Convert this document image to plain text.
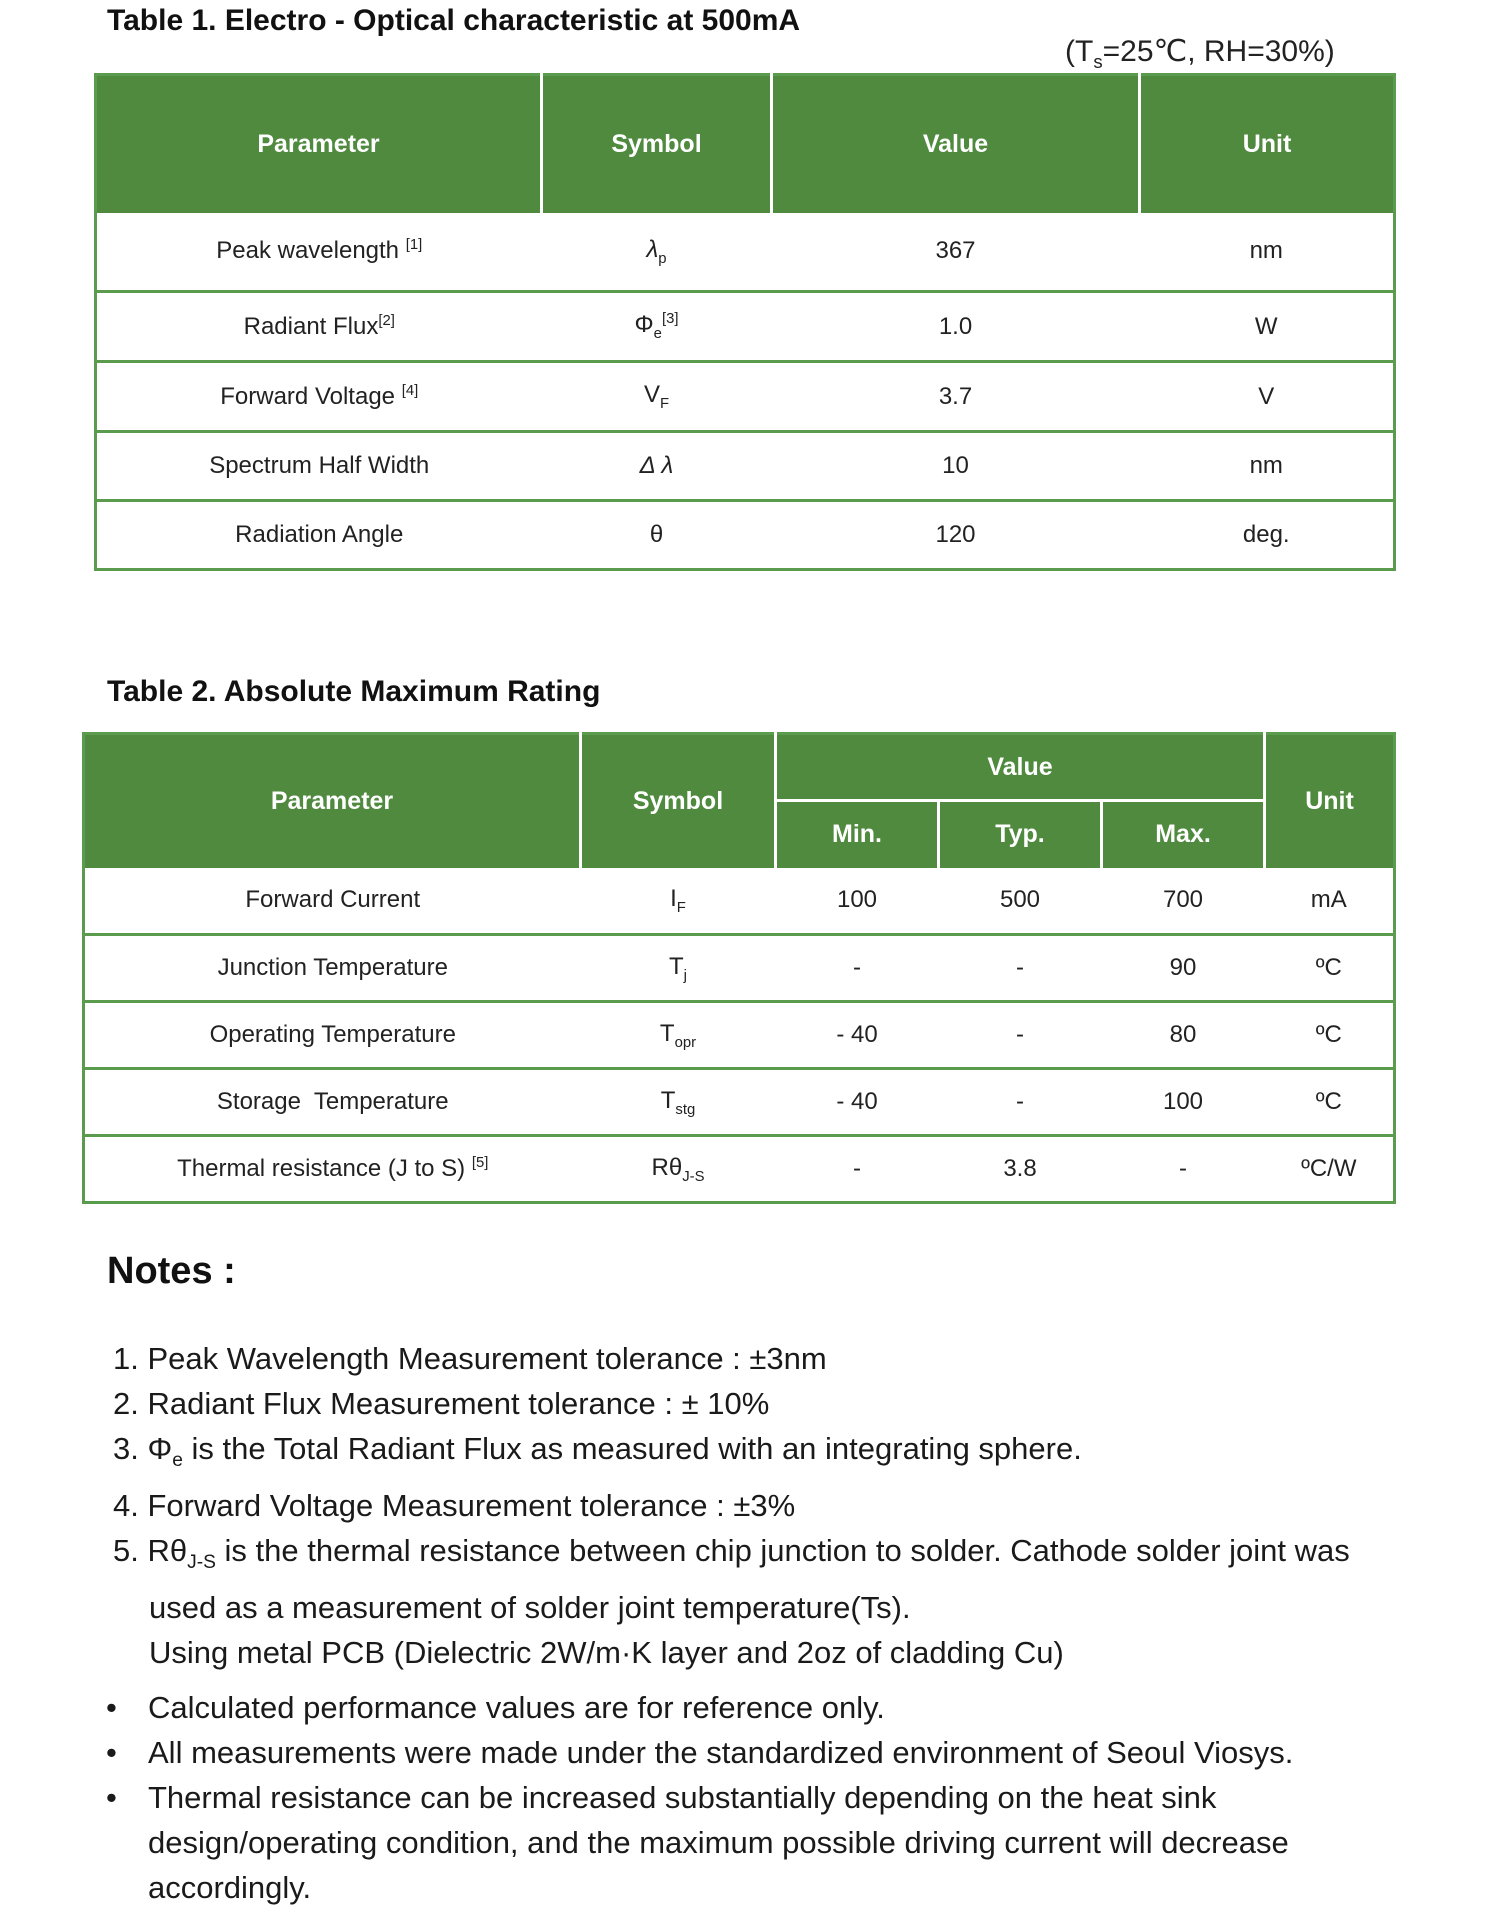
Table 1. Electro - Optical characteristic at 500mA
($T_s=25℃$, RH=30%)
Parameter	Symbol	Value	Unit
Peak wavelength [1]	$\lambda_p$	367	nm
Radiant Flux[2]	$\Phi_e[3]$	1.0	W
Forward Voltage [4]	$V_F$	3.7	V
Spectrum Half Width	Δ λ	10	nm
Radiation Angle	θ	120	deg.
Table 2. Absolute Maximum Rating
Parameter	Symbol	Value			Unit
		Min.	Typ.	Max.	
Forward Current	$I_F$	100	500	700	mA
Junction Temperature	$T_j$	-	-	90	ºC
Operating Temperature	$T_{opr}$	- 40	-	80	ºC
Storage  Temperature	$T_{stg}$	- 40	-	100	ºC
Thermal resistance (J to S) [5]	$R\theta_{J-S}$	-	3.8	-	ºC/W
Notes :
1. Peak Wavelength Measurement tolerance : ±3nm
2. Radiant Flux Measurement tolerance : ± 10%
3. $\Phi_e$ is the Total Radiant Flux as measured with an integrating sphere.
4. Forward Voltage Measurement tolerance : ±3%
5. $R\theta_{J-S}$ is the thermal resistance between chip junction to solder. Cathode solder joint was
used as a measurement of solder joint temperature(Ts).
Using metal PCB (Dielectric 2W/m·K layer and 2oz of cladding Cu)
• Calculated performance values are for reference only.
• All measurements were made under the standardized environment of Seoul Viosys.
• Thermal resistance can be increased substantially depending on the heat sink design/operating condition, and the maximum possible driving current will decrease accordingly.
